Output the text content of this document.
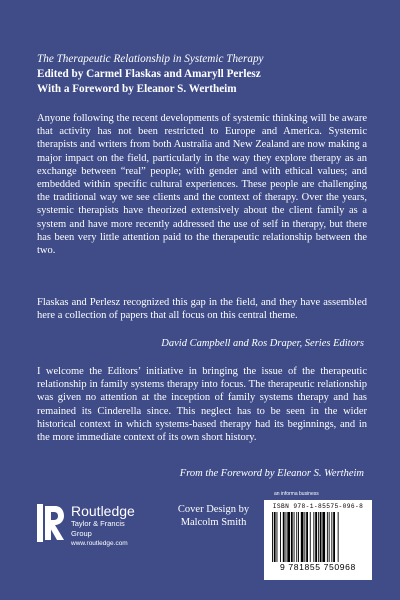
The Therapeutic Relationship in Systemic Therapy
Edited by Carmel Flaskas and Amaryll Perlesz
With a Foreword by Eleanor S. Wertheim
Anyone following the recent developments of systemic thinking will be aware that activity has not been restricted to Europe and America. Systemic therapists and writers from both Australia and New Zealand are now making a major impact on the field, particularly in the way they explore therapy as an exchange between “real” people; with gender and with ethical values; and embedded within specific cultural experiences. These people are challenging the traditional way we see clients and the context of therapy. Over the years, systemic therapists have theorized extensively about the client family as a system and have more recently addressed the use of self in therapy, but there has been very little attention paid to the therapeutic relationship between the two.
Flaskas and Perlesz recognized this gap in the field, and they have assembled here a collection of papers that all focus on this central theme.
David Campbell and Ros Draper, Series Editors
I welcome the Editors’ initiative in bringing the issue of the therapeutic relationship in family systems therapy into focus. The therapeutic relationship was given no attention at the inception of family systems therapy and has remained its Cinderella since. This neglect has to be seen in the wider historical context in which systems-based therapy had its beginnings, and in the more immediate context of its own short history.
From the Foreword by Eleanor S. Wertheim
an informa business
Routledge
Taylor & Francis Group
www.routledge.com
Cover Design by
Malcolm Smith
ISBN 978-1-85575-096-8
9 781855 750968
